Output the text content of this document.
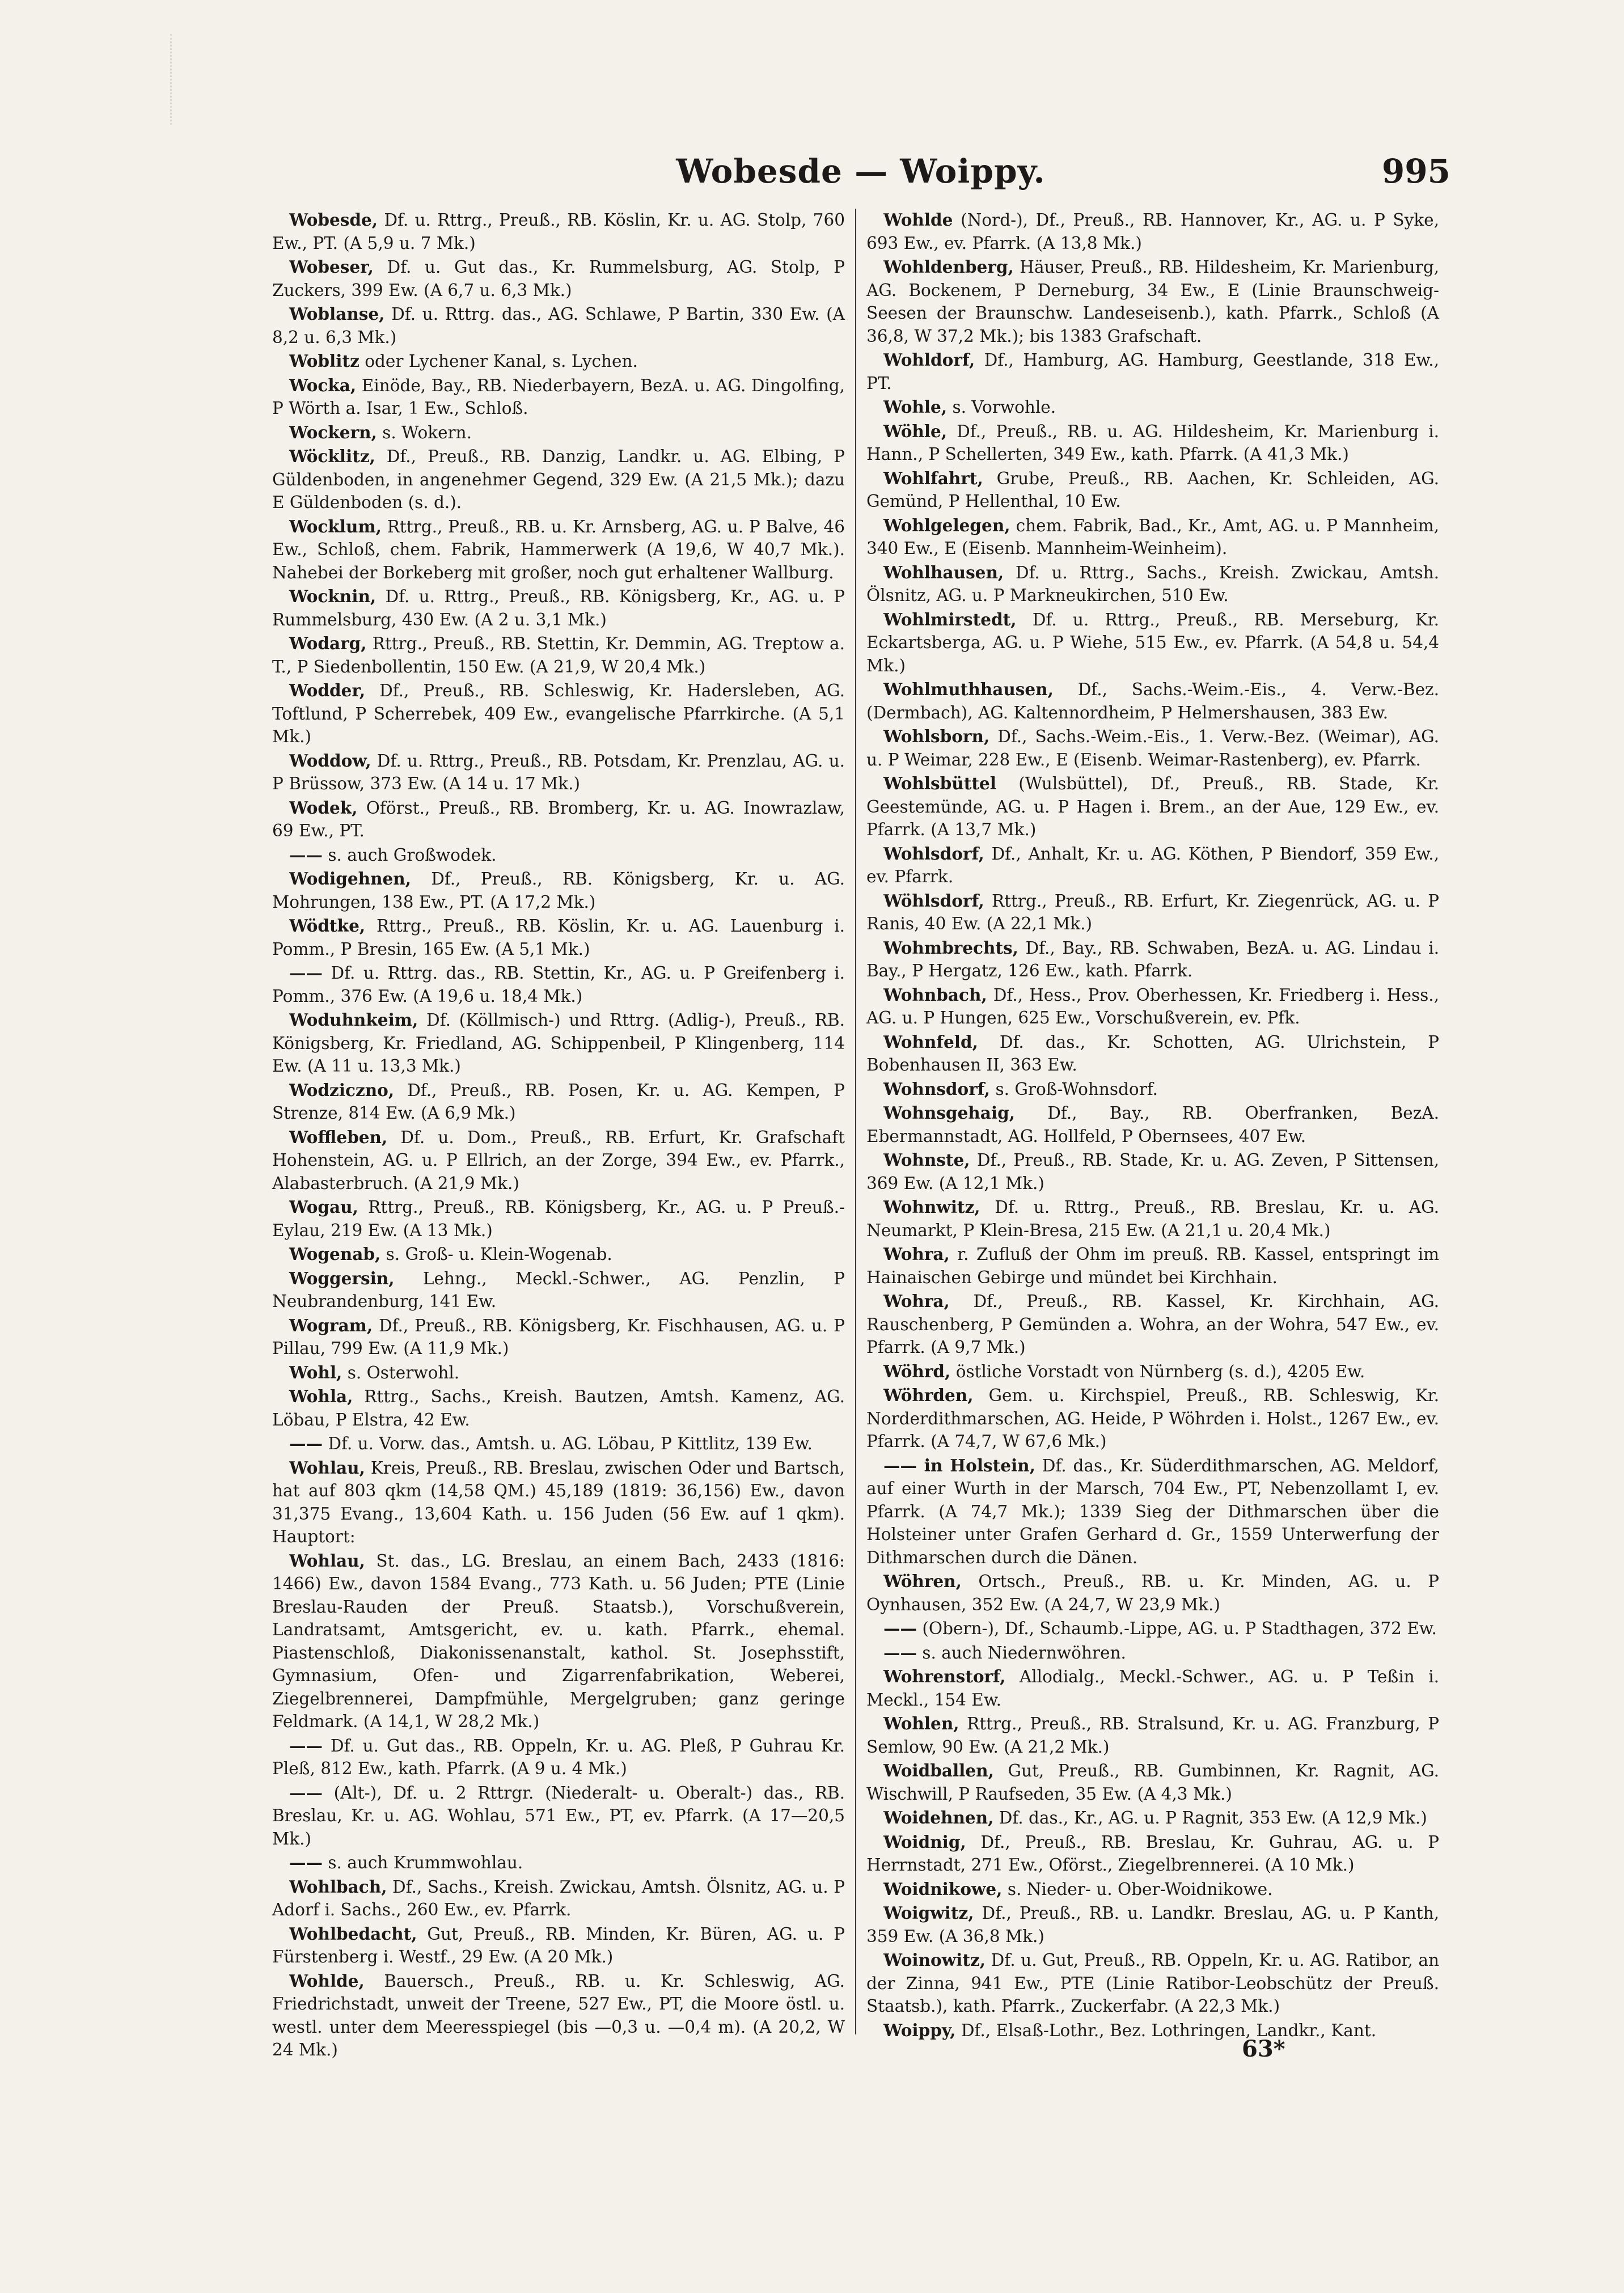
Wobesde — Woippy.	995

Wobesde, Df. u. Rttrg., Preuß., RB. Köslin, Kr. u. AG. Stolp, 760 Ew., PT. (A 5,9 u. 7 Mk.)

Wobeser, Df. u. Gut das., Kr. Rummelsburg, AG. Stolp, P Zuckers, 399 Ew. (A 6,7 u. 6,3 Mk.)

Woblanse, Df. u. Rttrg. das., AG. Schlawe, P Bartin, 330 Ew. (A 8,2 u. 6,3 Mk.)

Woblitz oder Lychener Kanal, s. Lychen.

Wocka, Einöde, Bay., RB. Niederbayern, BezA. u. AG. Dingolfing, P Wörth a. Isar, 1 Ew., Schloß.

Wockern, s. Wokern.

Wöcklitz, Df., Preuß., RB. Danzig, Landkr. u. AG. Elbing, P Güldenboden, in angenehmer Gegend, 329 Ew. (A 21,5 Mk.); dazu E Güldenboden (s. d.).

Wocklum, Rttrg., Preuß., RB. u. Kr. Arnsberg, AG. u. P Balve, 46 Ew., Schloß, chem. Fabrik, Hammerwerk (A 19,6, W 40,7 Mk.). Nahebei der Borkeberg mit großer, noch gut erhaltener Wallburg.

Wocknin, Df. u. Rttrg., Preuß., RB. Königsberg, Kr., AG. u. P Rummelsburg, 430 Ew. (A 2 u. 3,1 Mk.)

Wodarg, Rttrg., Preuß., RB. Stettin, Kr. Demmin, AG. Treptow a. T., P Siedenbollentin, 150 Ew. (A 21,9, W 20,4 Mk.)

Wodder, Df., Preuß., RB. Schleswig, Kr. Hadersleben, AG. Toftlund, P Scherrebek, 409 Ew., evangelische Pfarrkirche. (A 5,1 Mk.)

Woddow, Df. u. Rttrg., Preuß., RB. Potsdam, Kr. Prenzlau, AG. u. P Brüssow, 373 Ew. (A 14 u. 17 Mk.)

Wodek, Oförst., Preuß., RB. Bromberg, Kr. u. AG. Inowrazlaw, 69 Ew., PT.

—— s. auch Großwodek.

Wodigehnen, Df., Preuß., RB. Königsberg, Kr. u. AG. Mohrungen, 138 Ew., PT. (A 17,2 Mk.)

Wödtke, Rttrg., Preuß., RB. Köslin, Kr. u. AG. Lauenburg i. Pomm., P Bresin, 165 Ew. (A 5,1 Mk.)

—— Df. u. Rttrg. das., RB. Stettin, Kr., AG. u. P Greifenberg i. Pomm., 376 Ew. (A 19,6 u. 18,4 Mk.)

Woduhnkeim, Df. (Köllmisch-) und Rttrg. (Adlig-), Preuß., RB. Königsberg, Kr. Friedland, AG. Schippenbeil, P Klingenberg, 114 Ew. (A 11 u. 13,3 Mk.)

Wodziczno, Df., Preuß., RB. Posen, Kr. u. AG. Kempen, P Strenze, 814 Ew. (A 6,9 Mk.)

Woffleben, Df. u. Dom., Preuß., RB. Erfurt, Kr. Grafschaft Hohenstein, AG. u. P Ellrich, an der Zorge, 394 Ew., ev. Pfarrk., Alabasterbruch. (A 21,9 Mk.)

Wogau, Rttrg., Preuß., RB. Königsberg, Kr., AG. u. P Preuß.-Eylau, 219 Ew. (A 13 Mk.)

Wogenab, s. Groß- u. Klein-Wogenab.

Woggersin, Lehng., Meckl.-Schwer., AG. Penzlin, P Neubrandenburg, 141 Ew.

Wogram, Df., Preuß., RB. Königsberg, Kr. Fischhausen, AG. u. P Pillau, 799 Ew. (A 11,9 Mk.)

Wohl, s. Osterwohl.

Wohla, Rttrg., Sachs., Kreish. Bautzen, Amtsh. Kamenz, AG. Löbau, P Elstra, 42 Ew.

—— Df. u. Vorw. das., Amtsh. u. AG. Löbau, P Kittlitz, 139 Ew.

Wohlau, Kreis, Preuß., RB. Breslau, zwischen Oder und Bartsch, hat auf 803 qkm (14,58 QM.) 45,189 (1819: 36,156) Ew., davon 31,375 Evang., 13,604 Kath. u. 156 Juden (56 Ew. auf 1 qkm). Hauptort:

Wohlau, St. das., LG. Breslau, an einem Bach, 2433 (1816: 1466) Ew., davon 1584 Evang., 773 Kath. u. 56 Juden; PTE (Linie Breslau-Rauden der Preuß. Staatsb.), Vorschußverein, Landratsamt, Amtsgericht, ev. u. kath. Pfarrk., ehemal. Piastenschloß, Diakonissenanstalt, kathol. St. Josephsstift, Gymnasium, Ofen- und Zigarrenfabrikation, Weberei, Ziegelbrennerei, Dampfmühle, Mergelgruben; ganz geringe Feldmark. (A 14,1, W 28,2 Mk.)

—— Df. u. Gut das., RB. Oppeln, Kr. u. AG. Pleß, P Guhrau Kr. Pleß, 812 Ew., kath. Pfarrk. (A 9 u. 4 Mk.)

—— (Alt-), Df. u. 2 Rttrgr. (Niederalt- u. Oberalt-) das., RB. Breslau, Kr. u. AG. Wohlau, 571 Ew., PT, ev. Pfarrk. (A 17—20,5 Mk.)

—— s. auch Krummwohlau.

Wohlbach, Df., Sachs., Kreish. Zwickau, Amtsh. Ölsnitz, AG. u. P Adorf i. Sachs., 260 Ew., ev. Pfarrk.

Wohlbedacht, Gut, Preuß., RB. Minden, Kr. Büren, AG. u. P Fürstenberg i. Westf., 29 Ew. (A 20 Mk.)

Wohlde, Bauersch., Preuß., RB. u. Kr. Schleswig, AG. Friedrichstadt, unweit der Treene, 527 Ew., PT, die Moore östl. u. westl. unter dem Meeresspiegel (bis —0,3 u. —0,4 m). (A 20,2, W 24 Mk.)

Wohlde (Nord-), Df., Preuß., RB. Hannover, Kr., AG. u. P Syke, 693 Ew., ev. Pfarrk. (A 13,8 Mk.)

Wohldenberg, Häuser, Preuß., RB. Hildesheim, Kr. Marienburg, AG. Bockenem, P Derneburg, 34 Ew., E (Linie Braunschweig-Seesen der Braunschw. Landeseisenb.), kath. Pfarrk., Schloß (A 36,8, W 37,2 Mk.); bis 1383 Grafschaft.

Wohldorf, Df., Hamburg, AG. Hamburg, Geestlande, 318 Ew., PT.

Wohle, s. Vorwohle.

Wöhle, Df., Preuß., RB. u. AG. Hildesheim, Kr. Marienburg i. Hann., P Schellerten, 349 Ew., kath. Pfarrk. (A 41,3 Mk.)

Wohlfahrt, Grube, Preuß., RB. Aachen, Kr. Schleiden, AG. Gemünd, P Hellenthal, 10 Ew.

Wohlgelegen, chem. Fabrik, Bad., Kr., Amt, AG. u. P Mannheim, 340 Ew., E (Eisenb. Mannheim-Weinheim).

Wohlhausen, Df. u. Rttrg., Sachs., Kreish. Zwickau, Amtsh. Ölsnitz, AG. u. P Markneukirchen, 510 Ew.

Wohlmirstedt, Df. u. Rttrg., Preuß., RB. Merseburg, Kr. Eckartsberga, AG. u. P Wiehe, 515 Ew., ev. Pfarrk. (A 54,8 u. 54,4 Mk.)

Wohlmuthhausen, Df., Sachs.-Weim.-Eis., 4. Verw.-Bez. (Dermbach), AG. Kaltennordheim, P Helmershausen, 383 Ew.

Wohlsborn, Df., Sachs.-Weim.-Eis., 1. Verw.-Bez. (Weimar), AG. u. P Weimar, 228 Ew., E (Eisenb. Weimar-Rastenberg), ev. Pfarrk.

Wohlsbüttel (Wulsbüttel), Df., Preuß., RB. Stade, Kr. Geestemünde, AG. u. P Hagen i. Brem., an der Aue, 129 Ew., ev. Pfarrk. (A 13,7 Mk.)

Wohlsdorf, Df., Anhalt, Kr. u. AG. Köthen, P Biendorf, 359 Ew., ev. Pfarrk.

Wöhlsdorf, Rttrg., Preuß., RB. Erfurt, Kr. Ziegenrück, AG. u. P Ranis, 40 Ew. (A 22,1 Mk.)

Wohmbrechts, Df., Bay., RB. Schwaben, BezA. u. AG. Lindau i. Bay., P Hergatz, 126 Ew., kath. Pfarrk.

Wohnbach, Df., Hess., Prov. Oberhessen, Kr. Friedberg i. Hess., AG. u. P Hungen, 625 Ew., Vorschußverein, ev. Pfk.

Wohnfeld, Df. das., Kr. Schotten, AG. Ulrichstein, P Bobenhausen II, 363 Ew.

Wohnsdorf, s. Groß-Wohnsdorf.

Wohnsgehaig, Df., Bay., RB. Oberfranken, BezA. Ebermannstadt, AG. Hollfeld, P Obernsees, 407 Ew.

Wohnste, Df., Preuß., RB. Stade, Kr. u. AG. Zeven, P Sittensen, 369 Ew. (A 12,1 Mk.)

Wohnwitz, Df. u. Rttrg., Preuß., RB. Breslau, Kr. u. AG. Neumarkt, P Klein-Bresa, 215 Ew. (A 21,1 u. 20,4 Mk.)

Wohra, r. Zufluß der Ohm im preuß. RB. Kassel, entspringt im Hainaischen Gebirge und mündet bei Kirchhain.

Wohra, Df., Preuß., RB. Kassel, Kr. Kirchhain, AG. Rauschenberg, P Gemünden a. Wohra, an der Wohra, 547 Ew., ev. Pfarrk. (A 9,7 Mk.)

Wöhrd, östliche Vorstadt von Nürnberg (s. d.), 4205 Ew.

Wöhrden, Gem. u. Kirchspiel, Preuß., RB. Schleswig, Kr. Norderdithmarschen, AG. Heide, P Wöhrden i. Holst., 1267 Ew., ev. Pfarrk. (A 74,7, W 67,6 Mk.)

—— in Holstein, Df. das., Kr. Süderdithmarschen, AG. Meldorf, auf einer Wurth in der Marsch, 704 Ew., PT, Nebenzollamt I, ev. Pfarrk. (A 74,7 Mk.); 1339 Sieg der Dithmarschen über die Holsteiner unter Grafen Gerhard d. Gr., 1559 Unterwerfung der Dithmarschen durch die Dänen.

Wöhren, Ortsch., Preuß., RB. u. Kr. Minden, AG. u. P Oynhausen, 352 Ew. (A 24,7, W 23,9 Mk.)

—— (Obern-), Df., Schaumb.-Lippe, AG. u. P Stadthagen, 372 Ew.

—— s. auch Niedernwöhren.

Wohrenstorf, Allodialg., Meckl.-Schwer., AG. u. P Teßin i. Meckl., 154 Ew.

Wohlen, Rttrg., Preuß., RB. Stralsund, Kr. u. AG. Franzburg, P Semlow, 90 Ew. (A 21,2 Mk.)

Woidballen, Gut, Preuß., RB. Gumbinnen, Kr. Ragnit, AG. Wischwill, P Raufseden, 35 Ew. (A 4,3 Mk.)

Woidehnen, Df. das., Kr., AG. u. P Ragnit, 353 Ew. (A 12,9 Mk.)

Woidnig, Df., Preuß., RB. Breslau, Kr. Guhrau, AG. u. P Herrnstadt, 271 Ew., Oförst., Ziegelbrennerei. (A 10 Mk.)

Woidnikowe, s. Nieder- u. Ober-Woidnikowe.

Woigwitz, Df., Preuß., RB. u. Landkr. Breslau, AG. u. P Kanth, 359 Ew. (A 36,8 Mk.)

Woinowitz, Df. u. Gut, Preuß., RB. Oppeln, Kr. u. AG. Ratibor, an der Zinna, 941 Ew., PTE (Linie Ratibor-Leobschütz der Preuß. Staatsb.), kath. Pfarrk., Zuckerfabr. (A 22,3 Mk.)

Woippy, Df., Elsaß-Lothr., Bez. Lothringen, Landkr., Kant.

63*
